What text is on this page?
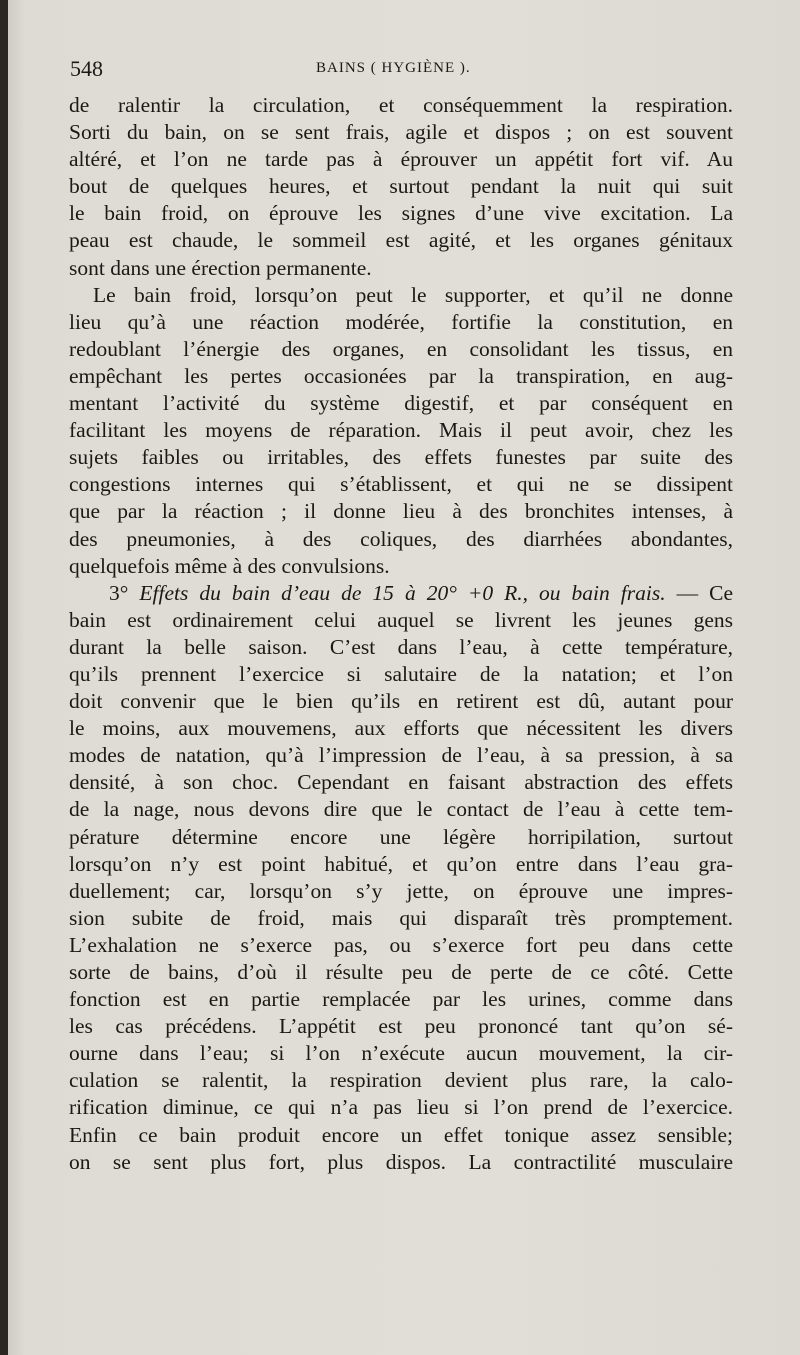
548	BAINS ( HYGIÈNE ).
de ralentir la circulation, et conséquemment la respiration.
Sorti du bain, on se sent frais, agile et dispos ; on est souvent
altéré, et l’on ne tarde pas à éprouver un appétit fort vif. Au
bout de quelques heures, et surtout pendant la nuit qui suit
le bain froid, on éprouve les signes d’une vive excitation. La
peau est chaude, le sommeil est agité, et les organes génitaux
sont dans une érection permanente.
Le bain froid, lorsqu’on peut le supporter, et qu’il ne donne
lieu qu’à une réaction modérée, fortifie la constitution, en
redoublant l’énergie des organes, en consolidant les tissus, en
empêchant les pertes occasionées par la transpiration, en aug-
mentant l’activité du système digestif, et par conséquent en
facilitant les moyens de réparation. Mais il peut avoir, chez les
sujets faibles ou irritables, des effets funestes par suite des
congestions internes qui s’établissent, et qui ne se dissipent
que par la réaction ; il donne lieu à des bronchites intenses, à
des pneumonies, à des coliques, des diarrhées abondantes,
quelquefois même à des convulsions.
3° Effets du bain d’eau de 15 à 20° +0 R., ou bain frais. — Ce
bain est ordinairement celui auquel se livrent les jeunes gens
durant la belle saison. C’est dans l’eau, à cette température,
qu’ils prennent l’exercice si salutaire de la natation; et l’on
doit convenir que le bien qu’ils en retirent est dû, autant pour
le moins, aux mouvemens, aux efforts que nécessitent les divers
modes de natation, qu’à l’impression de l’eau, à sa pression, à sa
densité, à son choc. Cependant en faisant abstraction des effets
de la nage, nous devons dire que le contact de l’eau à cette tem-
pérature détermine encore une légère horripilation, surtout
lorsqu’on n’y est point habitué, et qu’on entre dans l’eau gra-
duellement; car, lorsqu’on s’y jette, on éprouve une impres-
sion subite de froid, mais qui disparaît très promptement.
L’exhalation ne s’exerce pas, ou s’exerce fort peu dans cette
sorte de bains, d’où il résulte peu de perte de ce côté. Cette
fonction est en partie remplacée par les urines, comme dans
les cas précédens. L’appétit est peu prononcé tant qu’on sé-
ourne dans l’eau; si l’on n’exécute aucun mouvement, la cir-
culation se ralentit, la respiration devient plus rare, la calo-
rification diminue, ce qui n’a pas lieu si l’on prend de l’exercice.
Enfin ce bain produit encore un effet tonique assez sensible;
on se sent plus fort, plus dispos. La contractilité musculaire
